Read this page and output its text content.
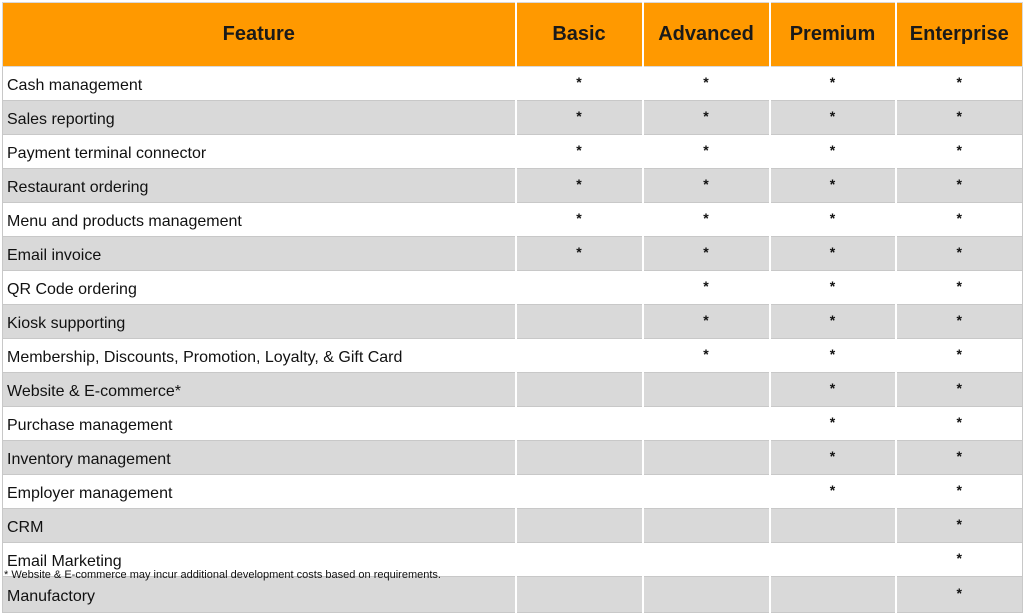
Feature	Basic	Advanced	Premium	Enterprise
Cash management	*	*	*	*
Sales reporting	*	*	*	*
Payment terminal connector	*	*	*	*
Restaurant ordering	*	*	*	*
Menu and products management	*	*	*	*
Email invoice	*	*	*	*
QR Code ordering		*	*	*
Kiosk supporting		*	*	*
Membership, Discounts, Promotion, Loyalty, & Gift Card		*	*	*
Website & E-commerce*			*	*
Purchase management			*	*
Inventory management			*	*
Employer management			*	*
CRM				*
Email Marketing				*
Manufactory				*
* Website & E-commerce may incur additional development costs based on requirements.
